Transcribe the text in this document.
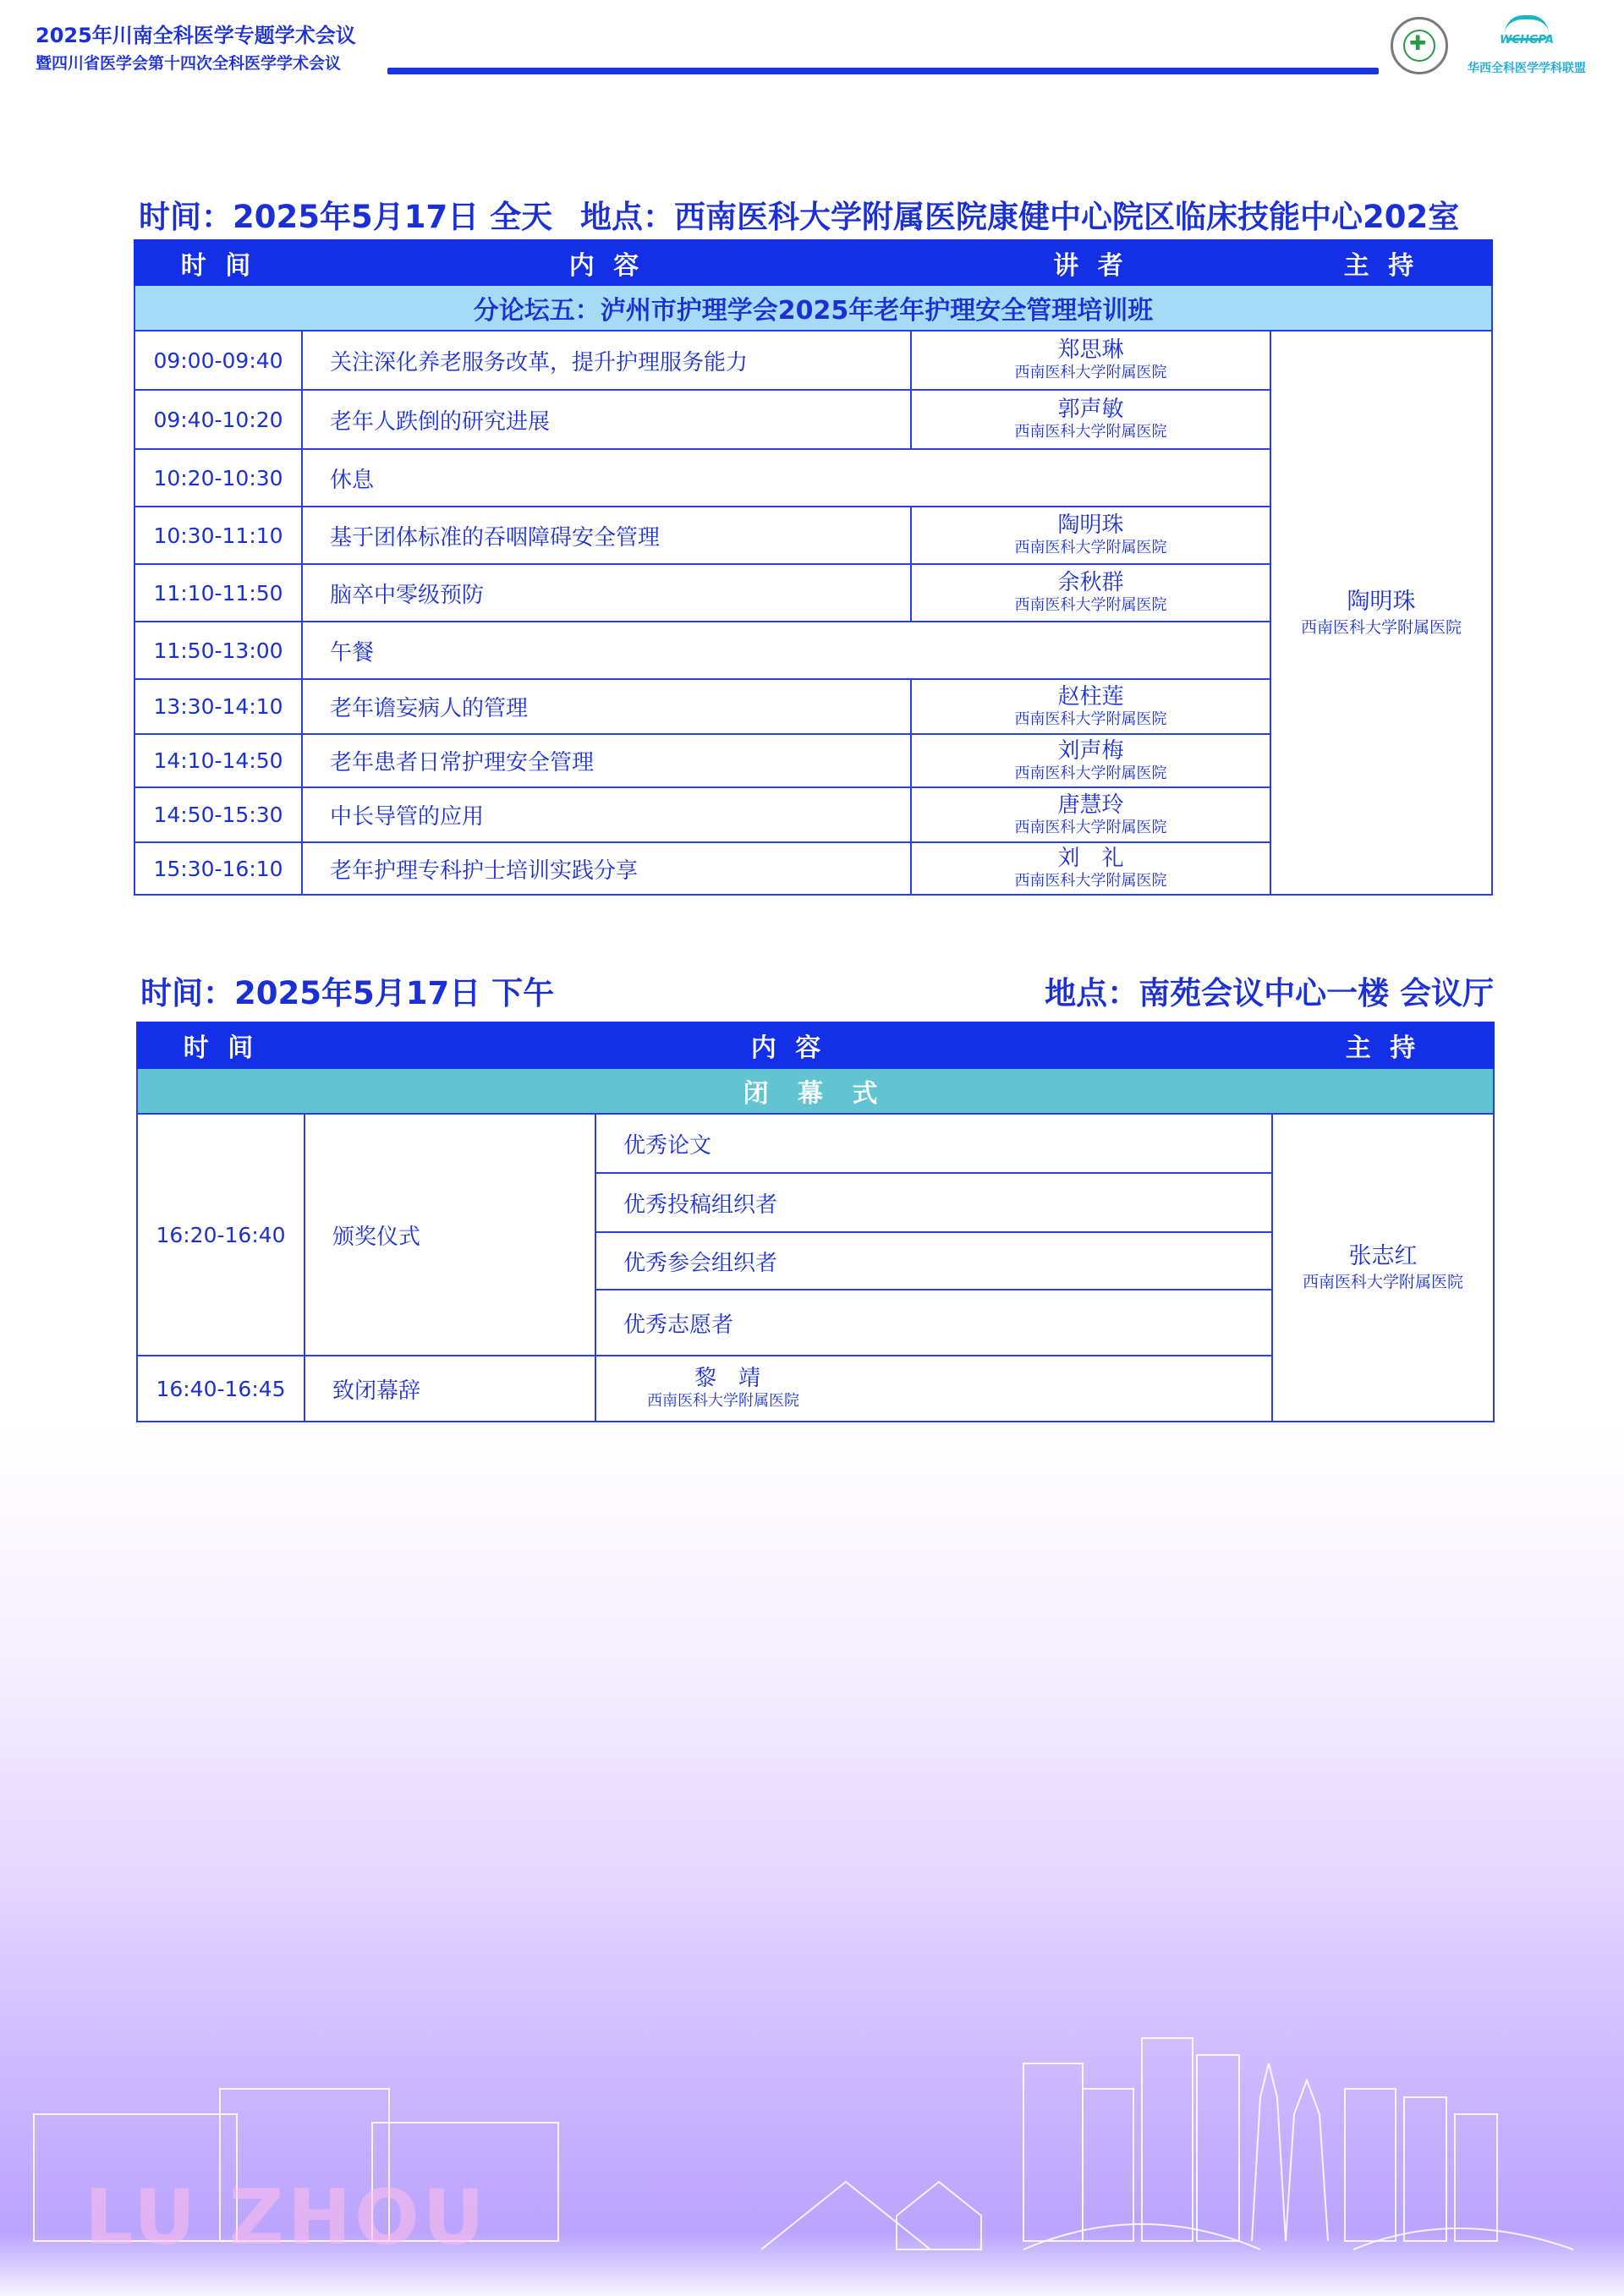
2025年川南全科医学专题学术会议
暨四川省医学会第十四次全科医学学术会议
✚	WCHGPA
华西全科医学学科联盟
时间：2025年5月17日 全天 地点：西南医科大学附属医院康健中心院区临床技能中心202室
时 间	内 容	讲 者	主 持
分论坛五：泸州市护理学会2025年老年护理安全管理培训班			
09:00-09:40	关注深化养老服务改革，提升护理服务能力	郑思琳
西南医科大学附属医院	陶明珠
西南医科大学附属医院

09:40-10:20	老年人跌倒的研究进展	郭声敏
西南医科大学附属医院	

10:20-10:30	休息		
10:30-11:10	基于团体标准的吞咽障碍安全管理	陶明珠
西南医科大学附属医院	

11:10-11:50	脑卒中零级预防	余秋群
西南医科大学附属医院	

11:50-13:00	午餐		
13:30-14:10	老年谵妄病人的管理	赵柱莲
西南医科大学附属医院	

14:10-14:50	老年患者日常护理安全管理	刘声梅
西南医科大学附属医院	

14:50-15:30	中长导管的应用	唐慧玲
西南医科大学附属医院	

15:30-16:10	老年护理专科护士培训实践分享	刘　礼
西南医科大学附属医院	
时间：2025年5月17日 下午	地点：南苑会议中心一楼 会议厅
时 间	内 容		主 持
闭 幕 式			
16:20-16:40	颁奖仪式	优秀论文	张志红
西南医科大学附属医院

		优秀投稿组织者	
		优秀参会组织者	
		优秀志愿者	
16:40-16:45	致闭幕辞	黎　靖
西南医科大学附属医院	
LU ZHOU
